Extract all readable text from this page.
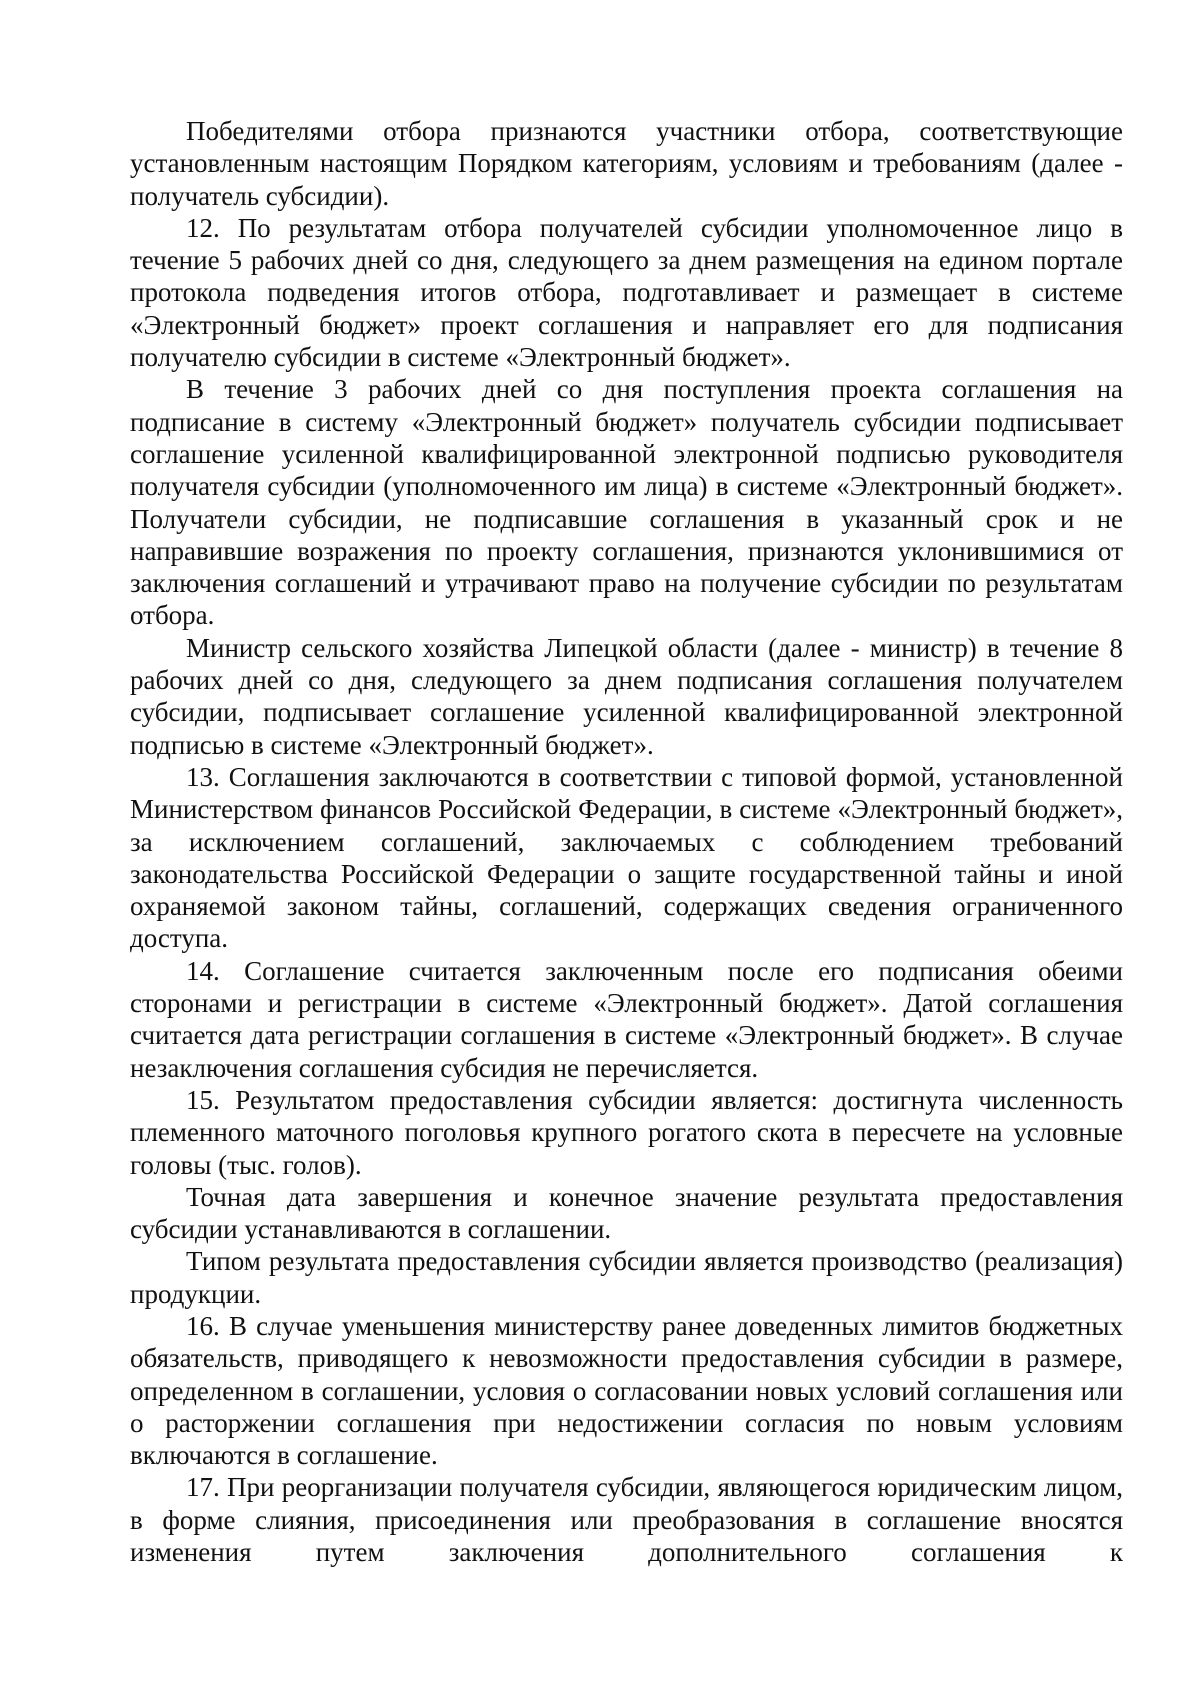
Победителями отбора признаются участники отбора, соответствующие установленным настоящим Порядком категориям, условиям и требованиям (далее - получатель субсидии).

12. По результатам отбора получателей субсидии уполномоченное лицо в течение 5 рабочих дней со дня, следующего за днем размещения на едином портале протокола подведения итогов отбора, подготавливает и размещает в системе «Электронный бюджет» проект соглашения и направляет его для подписания получателю субсидии в системе «Электронный бюджет».

В течение 3 рабочих дней со дня поступления проекта соглашения на подписание в систему «Электронный бюджет» получатель субсидии подписывает соглашение усиленной квалифицированной электронной подписью руководителя получателя субсидии (уполномоченного им лица) в системе «Электронный бюджет». Получатели субсидии, не подписавшие соглашения в указанный срок и не направившие возражения по проекту соглашения, признаются уклонившимися от заключения соглашений и утрачивают право на получение субсидии по результатам отбора.

Министр сельского хозяйства Липецкой области (далее - министр) в течение 8 рабочих дней со дня, следующего за днем подписания соглашения получателем субсидии, подписывает соглашение усиленной квалифицированной электронной подписью в системе «Электронный бюджет».

13. Соглашения заключаются в соответствии с типовой формой, установленной Министерством финансов Российской Федерации, в системе «Электронный бюджет», за исключением соглашений, заключаемых с соблюдением требований законодательства Российской Федерации о защите государственной тайны и иной охраняемой законом тайны, соглашений, содержащих сведения ограниченного доступа.

14. Соглашение считается заключенным после его подписания обеими сторонами и регистрации в системе «Электронный бюджет». Датой соглашения считается дата регистрации соглашения в системе «Электронный бюджет». В случае незаключения соглашения субсидия не перечисляется.

15. Результатом предоставления субсидии является: достигнута численность племенного маточного поголовья крупного рогатого скота в пересчете на условные головы (тыс. голов).

Точная дата завершения и конечное значение результата предоставления субсидии устанавливаются в соглашении.

Типом результата предоставления субсидии является производство (реализация) продукции.

16. В случае уменьшения министерству ранее доведенных лимитов бюджетных обязательств, приводящего к невозможности предоставления субсидии в размере, определенном в соглашении, условия о согласовании новых условий соглашения или о расторжении соглашения при недостижении согласия по новым условиям включаются в соглашение.

17. При реорганизации получателя субсидии, являющегося юридическим лицом, в форме слияния, присоединения или преобразования в соглашение вносятся изменения путем заключения дополнительного соглашения к
